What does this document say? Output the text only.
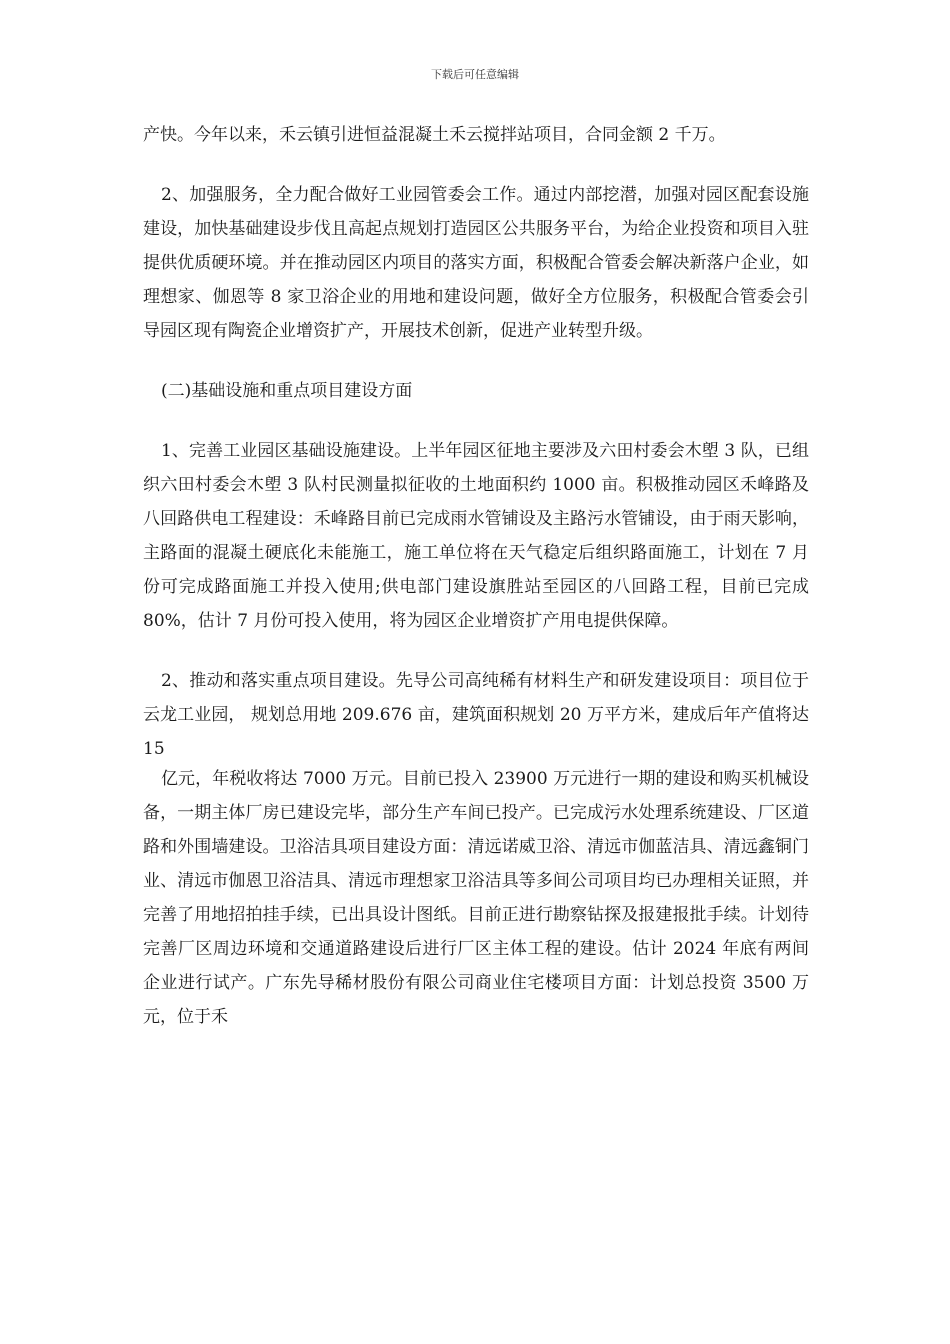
下载后可任意编辑

产快。今年以来，禾云镇引进恒益混凝土禾云搅拌站项目，合同金额 2 千万。

2、加强服务，全力配合做好工业园管委会工作。通过内部挖潜，加强对园区配套设施建设，加快基础建设步伐且高起点规划打造园区公共服务平台，为给企业投资和项目入驻提供优质硬环境。并在推动园区内项目的落实方面，积极配合管委会解决新落户企业，如理想家、伽恩等 8 家卫浴企业的用地和建设问题，做好全方位服务，积极配合管委会引导园区现有陶瓷企业增资扩产，开展技术创新，促进产业转型升级。

(二)基础设施和重点项目建设方面

1、完善工业园区基础设施建设。上半年园区征地主要涉及六田村委会木塱 3 队，已组织六田村委会木塱 3 队村民测量拟征收的土地面积约 1000 亩。积极推动园区禾峰路及八回路供电工程建设：禾峰路目前已完成雨水管铺设及主路污水管铺设，由于雨天影响，主路面的混凝土硬底化未能施工，施工单位将在天气稳定后组织路面施工，计划在 7 月份可完成路面施工并投入使用;供电部门建设旗胜站至园区的八回路工程，目前已完成 80%，估计 7 月份可投入使用，将为园区企业增资扩产用电提供保障。

2、推动和落实重点项目建设。先导公司高纯稀有材料生产和研发建设项目：项目位于云龙工业园， 规划总用地 209.676 亩，建筑面积规划 20 万平方米，建成后年产值将达 15

亿元，年税收将达 7000 万元。目前已投入 23900 万元进行一期的建设和购买机械设备，一期主体厂房已建设完毕，部分生产车间已投产。已完成污水处理系统建设、厂区道路和外围墙建设。卫浴洁具项目建设方面：清远诺威卫浴、清远市伽蓝洁具、清远鑫铜门业、清远市伽恩卫浴洁具、清远市理想家卫浴洁具等多间公司项目均已办理相关证照，并完善了用地招拍挂手续，已出具设计图纸。目前正进行勘察钻探及报建报批手续。计划待完善厂区周边环境和交通道路建设后进行厂区主体工程的建设。估计 2024 年底有两间企业进行试产。广东先导稀材股份有限公司商业住宅楼项目方面：计划总投资 3500 万元，位于禾
